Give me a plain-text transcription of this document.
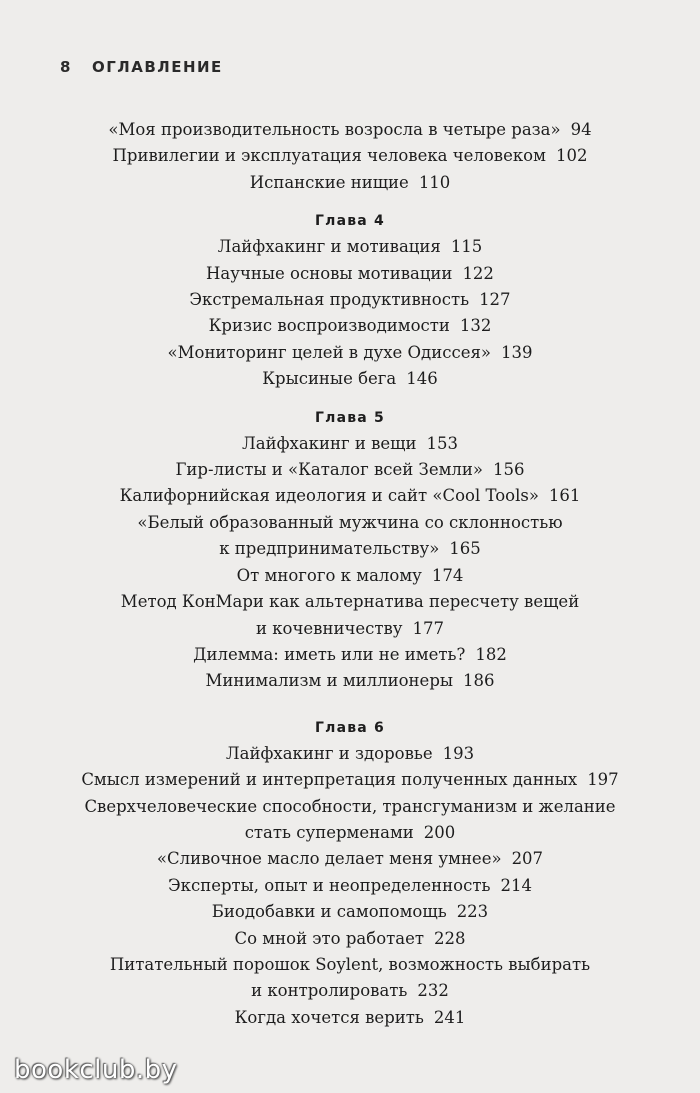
8 ОГЛАВЛЕНИЕ
«Моя производительность возросла в четыре раза» 94
Привилегии и эксплуатация человека человеком 102
Испанские нищие 110
Глава 4
Лайфхакинг и мотивация 115
Научные основы мотивации 122
Экстремальная продуктивность 127
Кризис воспроизводимости 132
«Мониторинг целей в духе Одиссея» 139
Крысиные бега 146
Глава 5
Лайфхакинг и вещи 153
Гир-листы и «Каталог всей Земли» 156
Калифорнийская идеология и сайт «Cool Tools» 161
«Белый образованный мужчина со склонностью
к предпринимательству» 165
От многого к малому 174
Метод КонМари как альтернатива пересчету вещей
и кочевничеству 177
Дилемма: иметь или не иметь? 182
Минимализм и миллионеры 186
Глава 6
Лайфхакинг и здоровье 193
Смысл измерений и интерпретация полученных данных 197
Сверхчеловеческие способности, трансгуманизм и желание
стать суперменами 200
«Сливочное масло делает меня умнее» 207
Эксперты, опыт и неопределенность 214
Биодобавки и самопомощь 223
Со мной это работает 228
Питательный порошок Soylent, возможность выбирать
и контролировать 232
Когда хочется верить 241
bookclub.by
